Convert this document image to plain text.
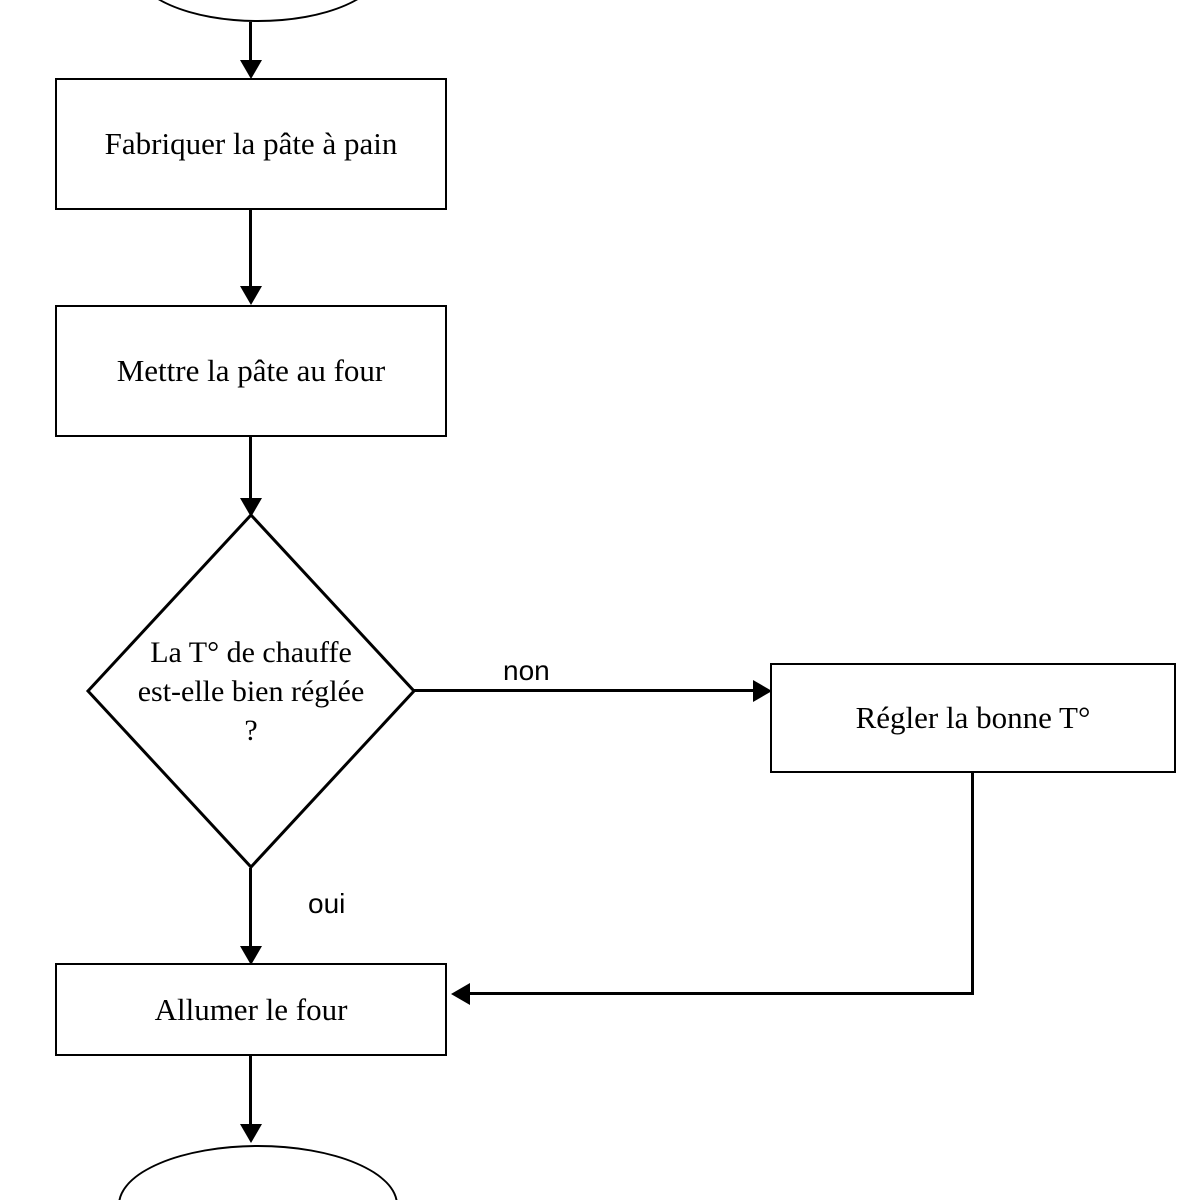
Fabriquer la pâte à pain
Mettre la pâte au four
La T° de chauffe est-elle bien réglée ?
non
Régler la bonne T°
oui
Allumer le four
